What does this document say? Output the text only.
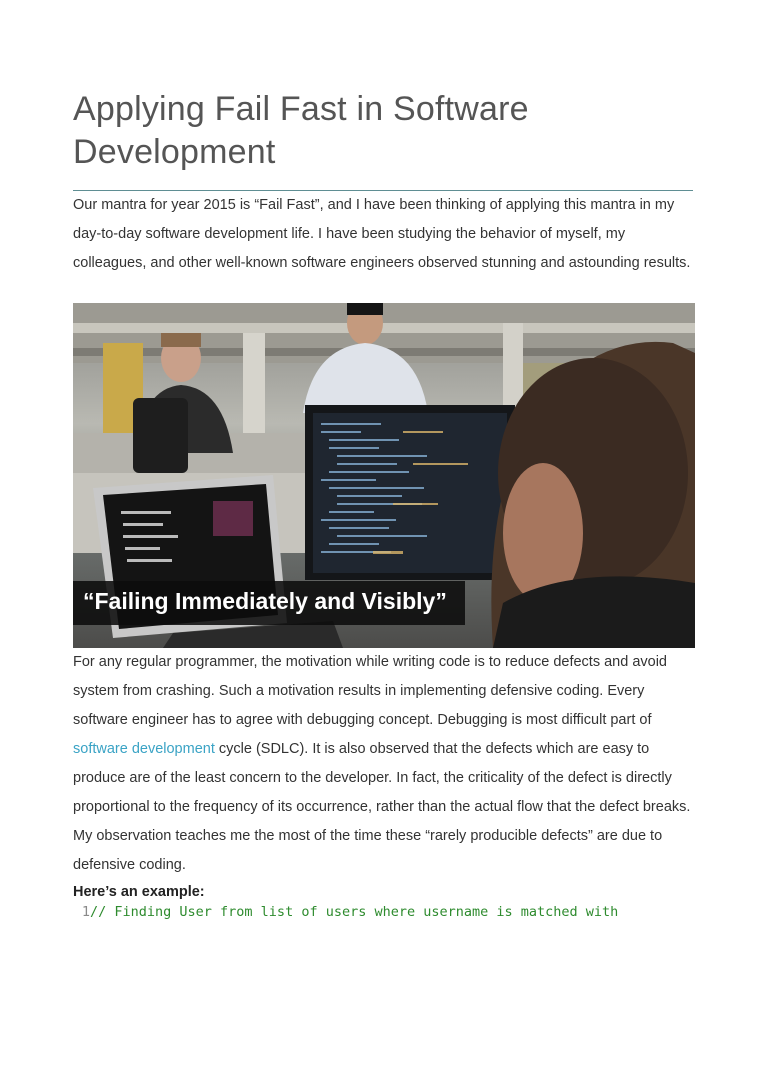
Applying Fail Fast in Software Development

Our mantra for year 2015 is “Fail Fast”, and I have been thinking of applying this mantra in my day-to-day software development life. I have been studying the behavior of myself, my colleagues, and other well-known software engineers observed stunning and astounding results.

“Failing Immediately and Visibly”

For any regular programmer, the motivation while writing code is to reduce defects and avoid system from crashing. Such a motivation results in implementing defensive coding. Every software engineer has to agree with debugging concept. Debugging is most difficult part of software development cycle (SDLC). It is also observed that the defects which are easy to produce are of the least concern to the developer. In fact, the criticality of the defect is directly proportional to the frequency of its occurrence, rather than the actual flow that the defect breaks. My observation teaches me the most of the time these “rarely producible defects” are due to defensive coding.

Here’s an example:
1// Finding User from list of users where username is matched with
